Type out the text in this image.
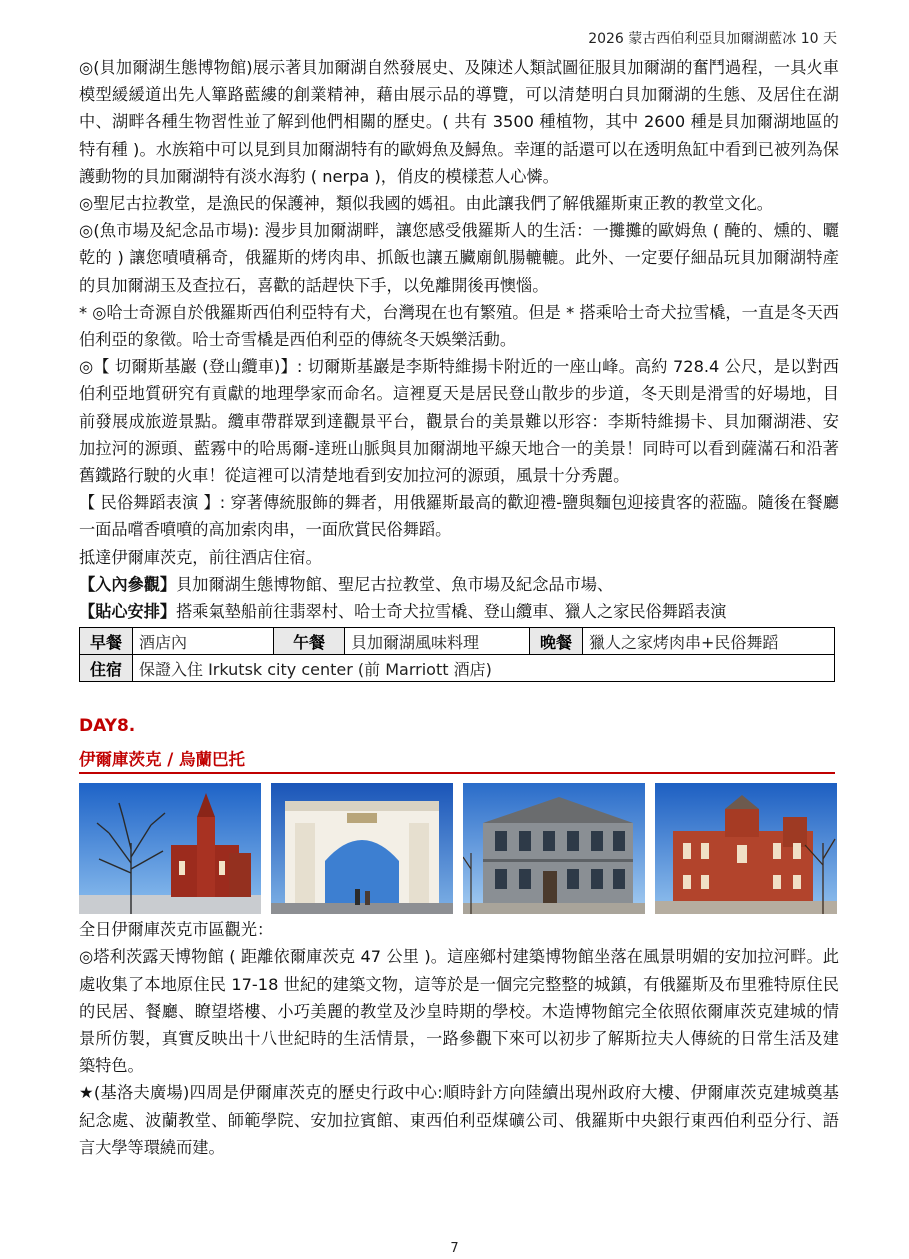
2026 蒙古西伯利亞貝加爾湖藍冰 10 天

◎(貝加爾湖生態博物館)展示著貝加爾湖自然發展史、及陳述人類試圖征服貝加爾湖的奮鬥過程，一具火車模型緩緩道出先人篳路藍縷的創業精神，藉由展示品的導覽，可以清楚明白貝加爾湖的生態、及居住在湖中、湖畔各種生物習性並了解到他們相關的歷史。( 共有 3500 種植物，其中 2600 種是貝加爾湖地區的特有種 )。水族箱中可以見到貝加爾湖特有的歐姆魚及鱘魚。幸運的話還可以在透明魚缸中看到已被列為保護動物的貝加爾湖特有淡水海豹 ( nerpa )，俏皮的模樣惹人心憐。

◎聖尼古拉教堂，是漁民的保護神，類似我國的媽祖。由此讓我們了解俄羅斯東正教的教堂文化。

◎(魚市場及紀念品市場): 漫步貝加爾湖畔，讓您感受俄羅斯人的生活：一攤攤的歐姆魚 ( 醃的、燻的、曬乾的 ) 讓您嘖嘖稱奇，俄羅斯的烤肉串、抓飯也讓五臟廟飢腸轆轆。此外、一定要仔細品玩貝加爾湖特產的貝加爾湖玉及查拉石，喜歡的話趕快下手，以免離開後再懊惱。

* ◎哈士奇源自於俄羅斯西伯利亞特有犬，台灣現在也有繁殖。但是 * 搭乘哈士奇犬拉雪橇，一直是冬天西伯利亞的象徵。哈士奇雪橇是西伯利亞的傳統冬天娛樂活動。

◎【 切爾斯基巖 (登山纜車)】: 切爾斯基巖是李斯特維揚卡附近的一座山峰。高約 728.4 公尺，是以對西伯利亞地質研究有貢獻的地理學家而命名。這裡夏天是居民登山散步的步道，冬天則是滑雪的好場地，目前發展成旅遊景點。纜車帶群眾到達觀景平台，觀景台的美景難以形容：李斯特維揚卡、貝加爾湖港、安加拉河的源頭、藍霧中的哈馬爾-達班山脈與貝加爾湖地平線天地合一的美景！同時可以看到薩滿石和沿著舊鐵路行駛的火車！從這裡可以清楚地看到安加拉河的源頭，風景十分秀麗。

【 民俗舞蹈表演 】: 穿著傳統服飾的舞者，用俄羅斯最高的歡迎禮-鹽與麵包迎接貴客的蒞臨。隨後在餐廳一面品嚐香噴噴的高加索肉串，一面欣賞民俗舞蹈。

抵達伊爾庫茨克，前往酒店住宿。

【入內參觀】貝加爾湖生態博物館、聖尼古拉教堂、魚市場及紀念品市場、

【貼心安排】搭乘氣墊船前往翡翠村、哈士奇犬拉雪橇、登山纜車、獵人之家民俗舞蹈表演

早餐	酒店內	午餐	貝加爾湖風味料理	晚餐	獵人之家烤肉串+民俗舞蹈
住宿	保證入住 Irkutsk city center (前 Marriott 酒店)				
DAY8.
伊爾庫茨克 / 烏蘭巴托

全日伊爾庫茨克市區觀光：

◎塔利茨露天博物館 ( 距離依爾庫茨克 47 公里 )。這座鄉村建築博物館坐落在風景明媚的安加拉河畔。此處收集了本地原住民 17-18 世紀的建築文物，這等於是一個完完整整的城鎮，有俄羅斯及布里雅特原住民的民居、餐廳、瞭望塔樓、小巧美麗的教堂及沙皇時期的學校。木造博物館完全依照依爾庫茨克建城的情景所仿製，真實反映出十八世紀時的生活情景，一路參觀下來可以初步了解斯拉夫人傳統的日常生活及建築特色。

★(基洛夫廣場)四周是伊爾庫茨克的歷史行政中心:順時針方向陸續出現州政府大樓、伊爾庫茨克建城奠基紀念處、波蘭教堂、師範學院、安加拉賓館、東西伯利亞煤礦公司、俄羅斯中央銀行東西伯利亞分行、語言大學等環繞而建。

7
